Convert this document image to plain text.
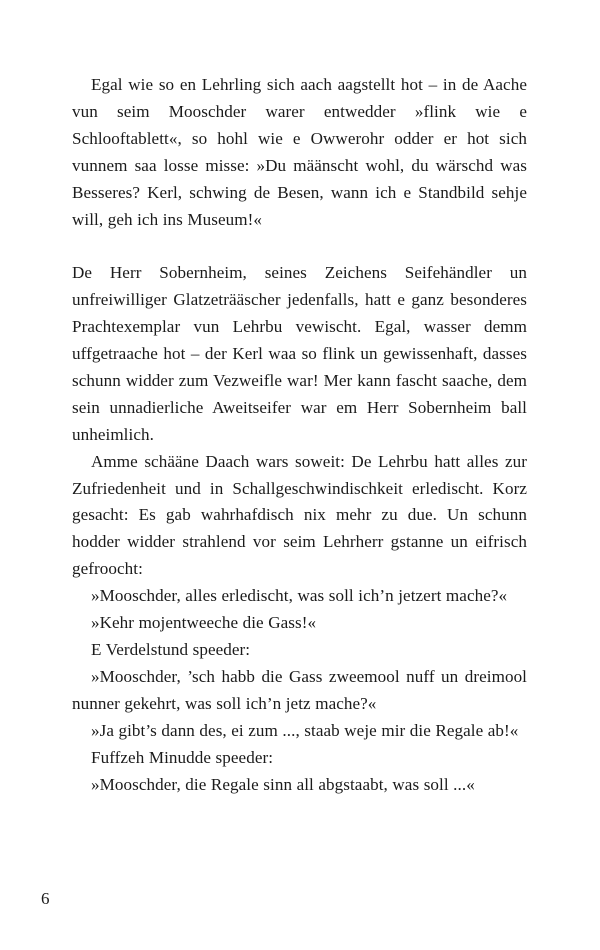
Egal wie so en Lehrling sich aach aagstellt hot – in de Aache vun seim Mooschder warer entwedder »flink wie e Schlooftablett«, so hohl wie e Owwerohr odder er hot sich vunnem saa losse misse: »Du määnscht wohl, du wärschd was Besseres? Kerl, schwing de Besen, wann ich e Standbild sehje will, geh ich ins Museum!«

De Herr Sobernheim, seines Zeichens Seifehändler un unfreiwilliger Glatzeträäscher jedenfalls, hatt e ganz besonderes Prachtexemplar vun Lehrbu vewischt. Egal, wasser demm uffgetraache hot – der Kerl waa so flink un gewissenhaft, dasses schunn widder zum Vezweifle war! Mer kann fascht saache, dem sein unnadierliche Aweitseifer war em Herr Sobernheim ball unheimlich.

Amme schääne Daach wars soweit: De Lehrbu hatt alles zur Zufriedenheit und in Schallgeschwindischkeit erledischt. Korz gesacht: Es gab wahrhafdisch nix mehr zu due. Un schunn hodder widder strahlend vor seim Lehrherr gstanne un eifrisch gefroocht:

»Mooschder, alles erledischt, was soll ich’n jetzert mache?«

»Kehr mojentweeche die Gass!«

E Verdelstund speeder:

»Mooschder, ’sch habb die Gass zweemool nuff un dreimool nunner gekehrt, was soll ich’n jetz mache?«

»Ja gibt’s dann des, ei zum ..., staab weje mir die Regale ab!«

Fuffzeh Minudde speeder:

»Mooschder, die Regale sinn all abgstaabt, was soll ...«

6
